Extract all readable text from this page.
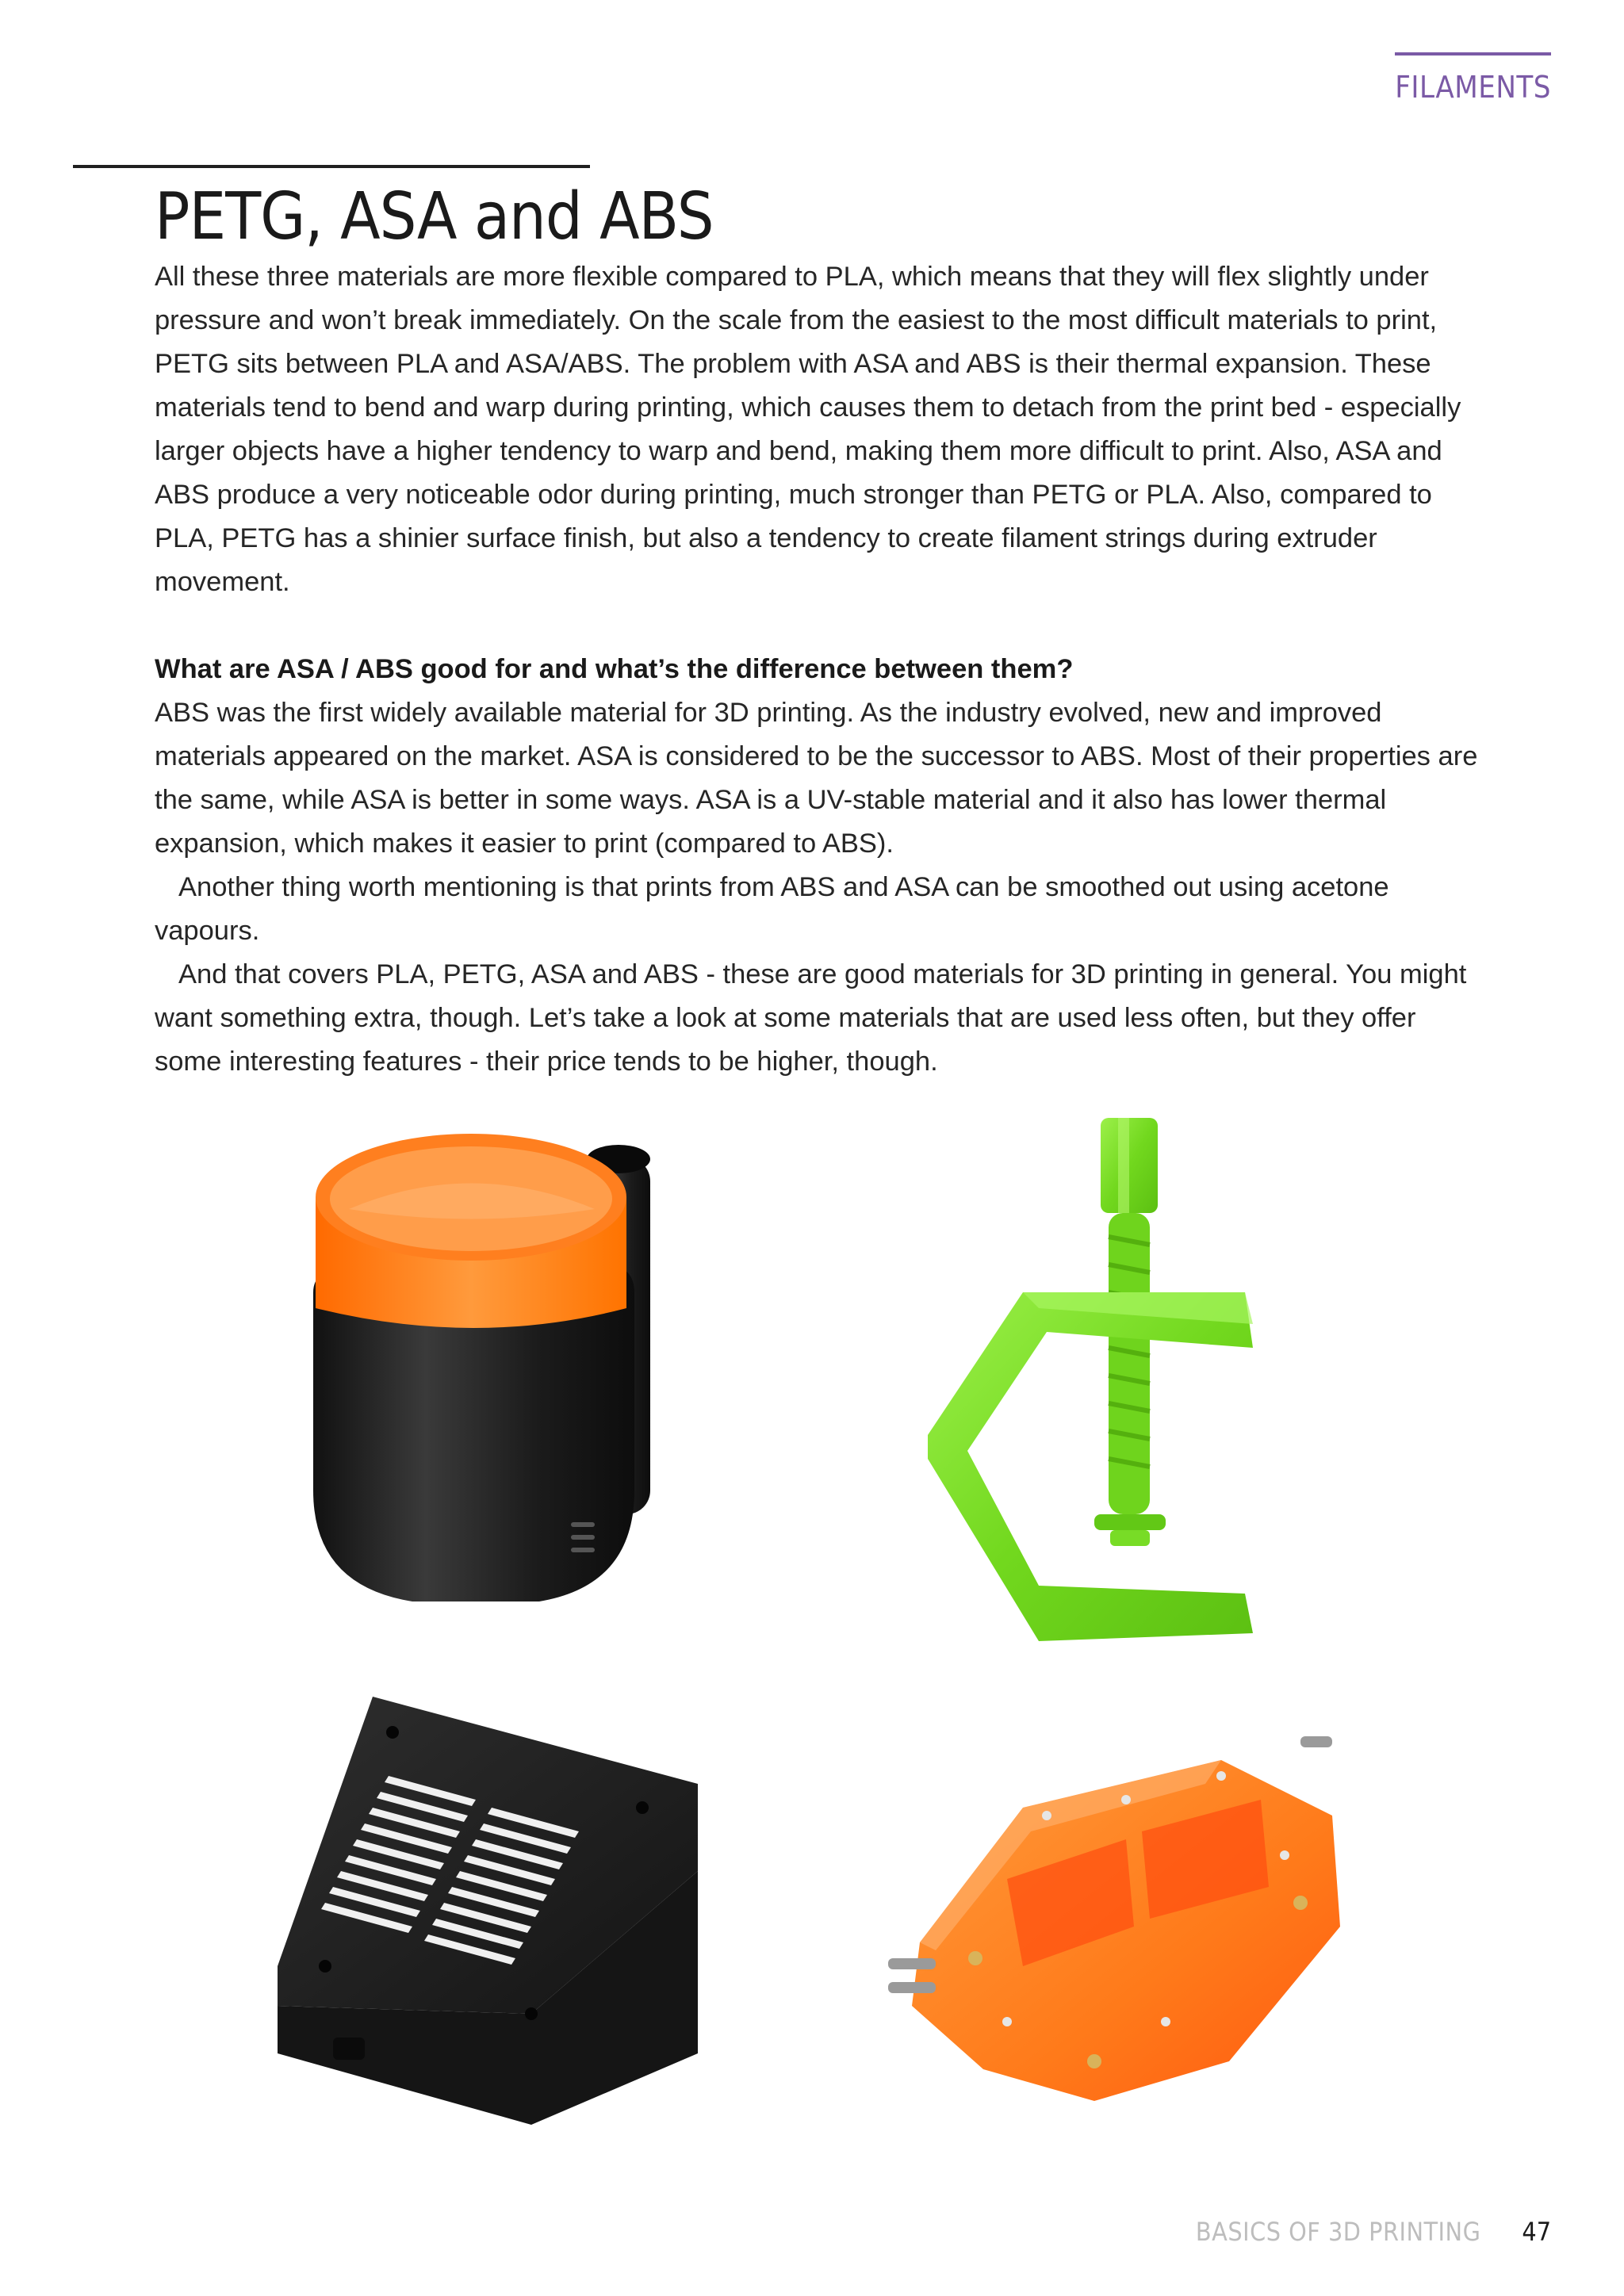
FILAMENTS
PETG, ASA and ABS

All these three materials are more flexible compared to PLA, which means that they will flex slightly under pressure and won’t break immediately. On the scale from the easiest to the most difficult materials to print, PETG sits between PLA and ASA/ABS. The problem with ASA and ABS is their thermal expansion. These materials tend to bend and warp during printing, which causes them to detach from the print bed - especially larger objects have a higher tendency to warp and bend, making them more difficult to print. Also, ASA and ABS produce a very noticeable odor during printing, much stronger than PETG or PLA. Also, compared to PLA, PETG has a shinier surface finish, but also a tendency to create filament strings during extruder movement.

What are ASA / ABS good for and what’s the difference between them?

ABS was the first widely available material for 3D printing. As the industry evolved, new and improved materials appeared on the market. ASA is considered to be the successor to ABS. Most of their properties are the same, while ASA is better in some ways. ASA is a UV-stable material and it also has lower thermal expansion, which makes it easier to print (compared to ABS).

Another thing worth mentioning is that prints from ABS and ASA can be smoothed out using acetone vapours.

And that covers PLA, PETG, ASA and ABS - these are good materials for 3D printing in general. You might want something extra, though. Let’s take a look at some materials that are used less often, but they offer some interesting features - their price tends to be higher, though.

BASICS OF 3D PRINTING 47
